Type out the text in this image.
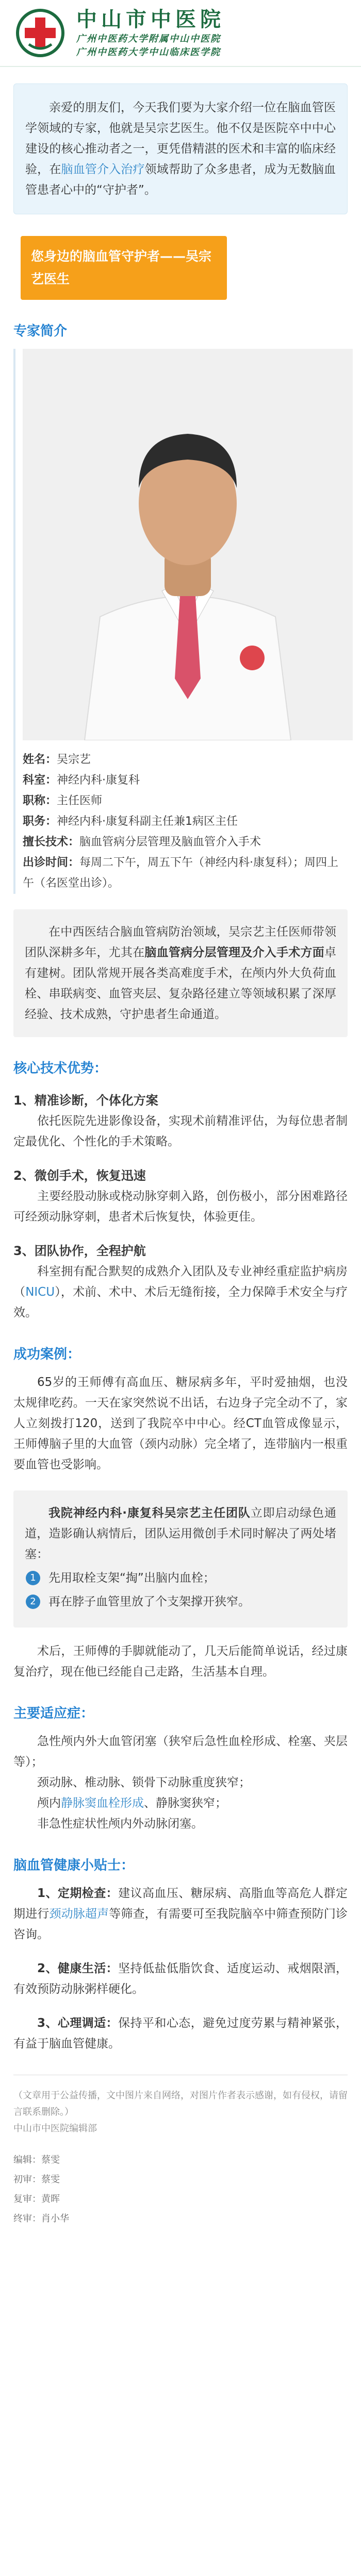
中山市中医院
广州中医药大学附属中山中医院
广州中医药大学中山临床医学院

亲爱的朋友们，今天我们要为大家介绍一位在脑血管医学领域的专家，他就是吴宗艺医生。他不仅是医院卒中中心建设的核心推动者之一，更凭借精湛的医术和丰富的临床经验，在脑血管介入治疗领域帮助了众多患者，成为无数脑血管患者心中的“守护者”。

您身边的脑血管守护者——吴宗艺医生
专家简介
姓名：吴宗艺
科室：神经内科·康复科
职称：主任医师
职务：神经内科·康复科副主任兼1病区主任
擅长技术：脑血管病分层管理及脑血管介入手术
出诊时间：每周二下午，周五下午（神经内科·康复科）；周四上午（名医堂出诊）。

在中西医结合脑血管病防治领域，吴宗艺主任医师带领团队深耕多年，尤其在脑血管病分层管理及介入手术方面卓有建树。团队常规开展各类高难度手术，在颅内外大负荷血栓、串联病变、血管夹层、复杂路径建立等领域积累了深厚经验、技术成熟，守护患者生命通道。

核心技术优势：
1、精准诊断，个体化方案

依托医院先进影像设备，实现术前精准评估，为每位患者制定最优化、个性化的手术策略。

2、微创手术，恢复迅速

主要经股动脉或桡动脉穿刺入路，创伤极小，部分困难路径可经颈动脉穿刺，患者术后恢复快，体验更佳。

3、团队协作，全程护航

科室拥有配合默契的成熟介入团队及专业神经重症监护病房（NICU），术前、术中、术后无缝衔接，全力保障手术安全与疗效。

成功案例：

65岁的王师傅有高血压、糖尿病多年，平时爱抽烟，也没太规律吃药。一天在家突然说不出话，右边身子完全动不了，家人立刻拨打120，送到了我院卒中中心。经CT血管成像显示，王师傅脑子里的大血管（颈内动脉）完全堵了，连带脑内一根重要血管也受影响。

我院神经内科·康复科吴宗艺主任团队立即启动绿色通道，造影确认病情后，团队运用微创手术同时解决了两处堵塞：

1	先用取栓支架“掏”出脑内血栓；
2	再在脖子血管里放了个支架撑开狭窄。

术后，王师傅的手脚就能动了，几天后能简单说话，经过康复治疗，现在他已经能自己走路，生活基本自理。

主要适应症：

急性颅内外大血管闭塞（狭窄后急性血栓形成、栓塞、夹层等）；

颈动脉、椎动脉、锁骨下动脉重度狭窄；

颅内静脉窦血栓形成、静脉窦狭窄；

非急性症状性颅内外动脉闭塞。

脑血管健康小贴士：

1、定期检查：建议高血压、糖尿病、高脂血等高危人群定期进行颈动脉超声等筛查，有需要可至我院脑卒中筛查预防门诊咨询。

2、健康生活：坚持低盐低脂饮食、适度运动、戒烟限酒，有效预防动脉粥样硬化。

3、心理调适：保持平和心态，避免过度劳累与精神紧张，有益于脑血管健康。

（文章用于公益传播，文中图片来自网络，对图片作者表示感谢，如有侵权，请留言联系删除。）
中山市中医院编辑部
编辑：蔡雯
初审：蔡雯
复审：黄晖
终审：肖小华
